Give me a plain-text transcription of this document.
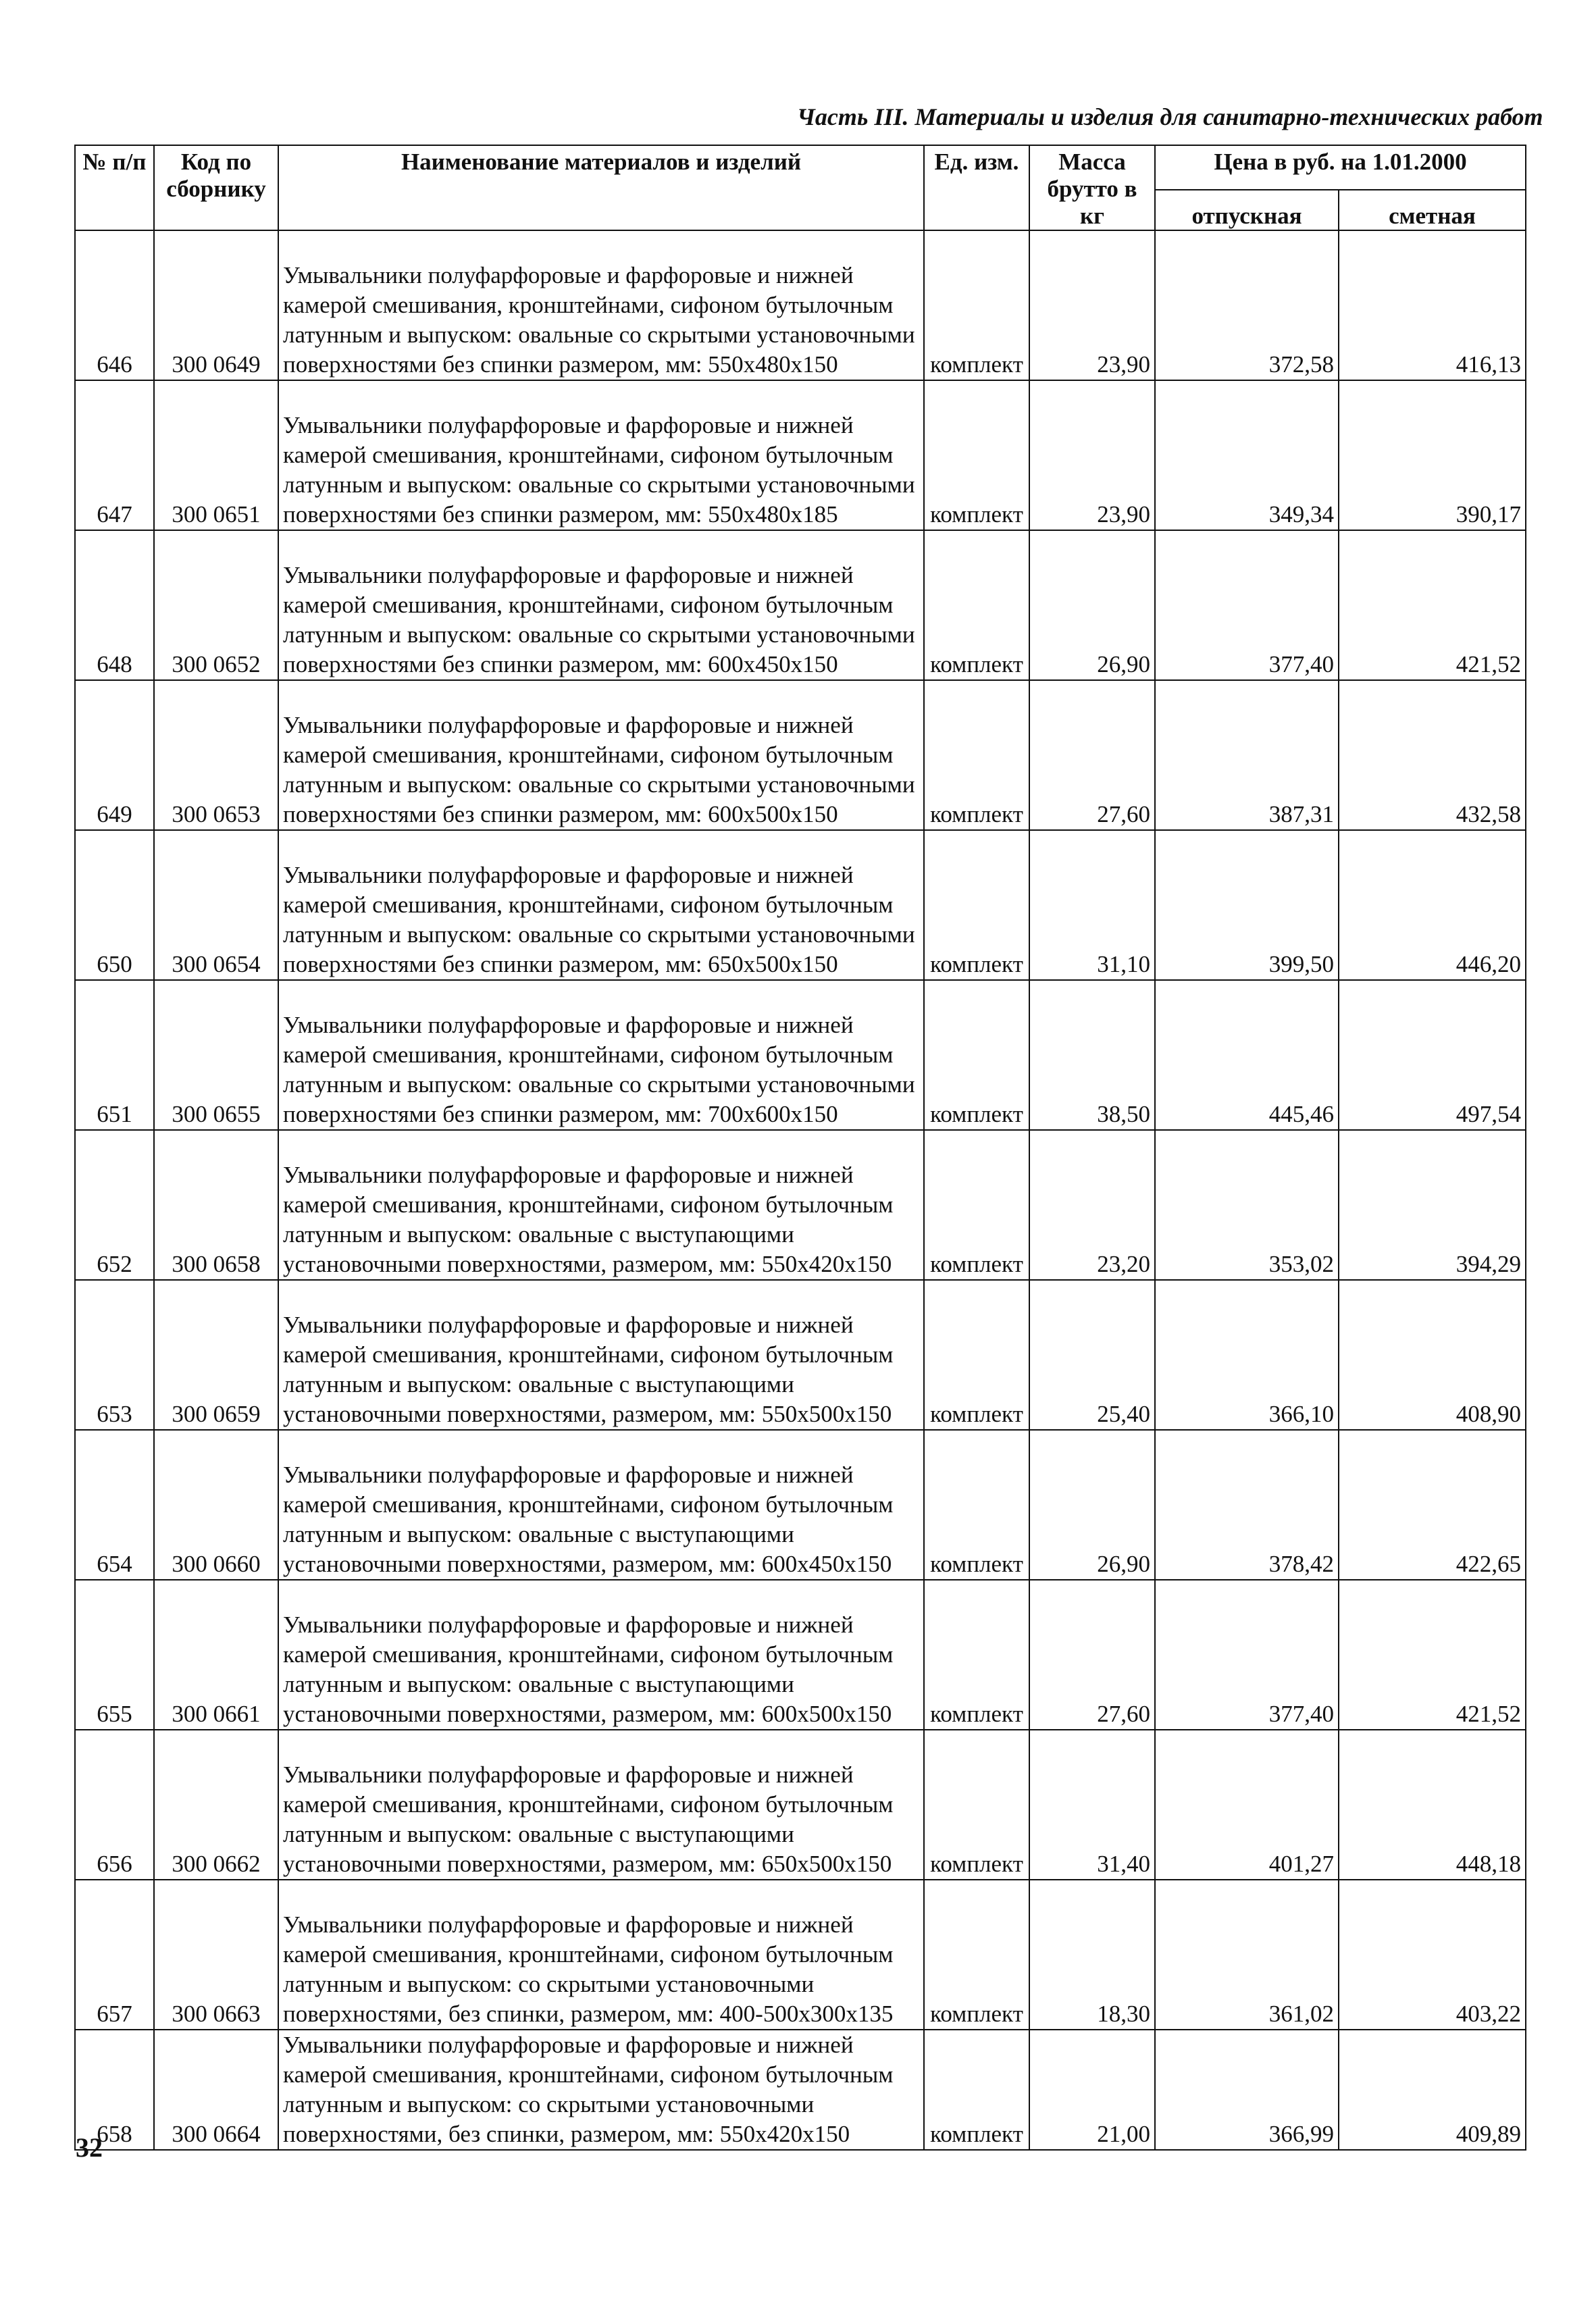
Часть III. Материалы и изделия для санитарно-технических работ
№ п/п	Код по сборнику	Наименование материалов и изделий	Ед. изм.	Масса брутто в кг	Цена в руб. на 1.01.2000	
					отпускная	сметная
646	300 0649	Умывальники полуфарфоровые и фарфоровые и нижней камерой смешивания, кронштейнами, сифоном бутылочным латунным и выпуском: овальные со скрытыми установочными поверхностями без спинки размером, мм: 550х480х150	комплект	23,90	372,58	416,13
647	300 0651	Умывальники полуфарфоровые и фарфоровые и нижней камерой смешивания, кронштейнами, сифоном бутылочным латунным и выпуском: овальные со скрытыми установочными поверхностями без спинки размером, мм: 550х480х185	комплект	23,90	349,34	390,17
648	300 0652	Умывальники полуфарфоровые и фарфоровые и нижней камерой смешивания, кронштейнами, сифоном бутылочным латунным и выпуском: овальные со скрытыми установочными поверхностями без спинки размером, мм: 600х450х150	комплект	26,90	377,40	421,52
649	300 0653	Умывальники полуфарфоровые и фарфоровые и нижней камерой смешивания, кронштейнами, сифоном бутылочным латунным и выпуском: овальные со скрытыми установочными поверхностями без спинки размером, мм: 600х500х150	комплект	27,60	387,31	432,58
650	300 0654	Умывальники полуфарфоровые и фарфоровые и нижней камерой смешивания, кронштейнами, сифоном бутылочным латунным и выпуском: овальные со скрытыми установочными поверхностями без спинки размером, мм: 650х500х150	комплект	31,10	399,50	446,20
651	300 0655	Умывальники полуфарфоровые и фарфоровые и нижней камерой смешивания, кронштейнами, сифоном бутылочным латунным и выпуском: овальные со скрытыми установочными поверхностями без спинки размером, мм: 700х600х150	комплект	38,50	445,46	497,54
652	300 0658	Умывальники полуфарфоровые и фарфоровые и нижней камерой смешивания, кронштейнами, сифоном бутылочным латунным и выпуском: овальные с выступающими установочными поверхностями, размером, мм: 550х420х150	комплект	23,20	353,02	394,29
653	300 0659	Умывальники полуфарфоровые и фарфоровые и нижней камерой смешивания, кронштейнами, сифоном бутылочным латунным и выпуском: овальные с выступающими установочными поверхностями, размером, мм: 550х500х150	комплект	25,40	366,10	408,90
654	300 0660	Умывальники полуфарфоровые и фарфоровые и нижней камерой смешивания, кронштейнами, сифоном бутылочным латунным и выпуском: овальные с выступающими установочными поверхностями, размером, мм: 600х450х150	комплект	26,90	378,42	422,65
655	300 0661	Умывальники полуфарфоровые и фарфоровые и нижней камерой смешивания, кронштейнами, сифоном бутылочным латунным и выпуском: овальные с выступающими установочными поверхностями, размером, мм: 600х500х150	комплект	27,60	377,40	421,52
656	300 0662	Умывальники полуфарфоровые и фарфоровые и нижней камерой смешивания, кронштейнами, сифоном бутылочным латунным и выпуском: овальные с выступающими установочными поверхностями, размером, мм: 650х500х150	комплект	31,40	401,27	448,18
657	300 0663	Умывальники полуфарфоровые и фарфоровые и нижней камерой смешивания, кронштейнами, сифоном бутылочным латунным и выпуском: со скрытыми установочными поверхностями, без спинки, размером, мм: 400-500х300х135	комплект	18,30	361,02	403,22
658	300 0664	Умывальники полуфарфоровые и фарфоровые и нижней камерой смешивания, кронштейнами, сифоном бутылочным латунным и выпуском: со скрытыми установочными поверхностями, без спинки, размером, мм: 550х420х150	комплект	21,00	366,99	409,89
32
